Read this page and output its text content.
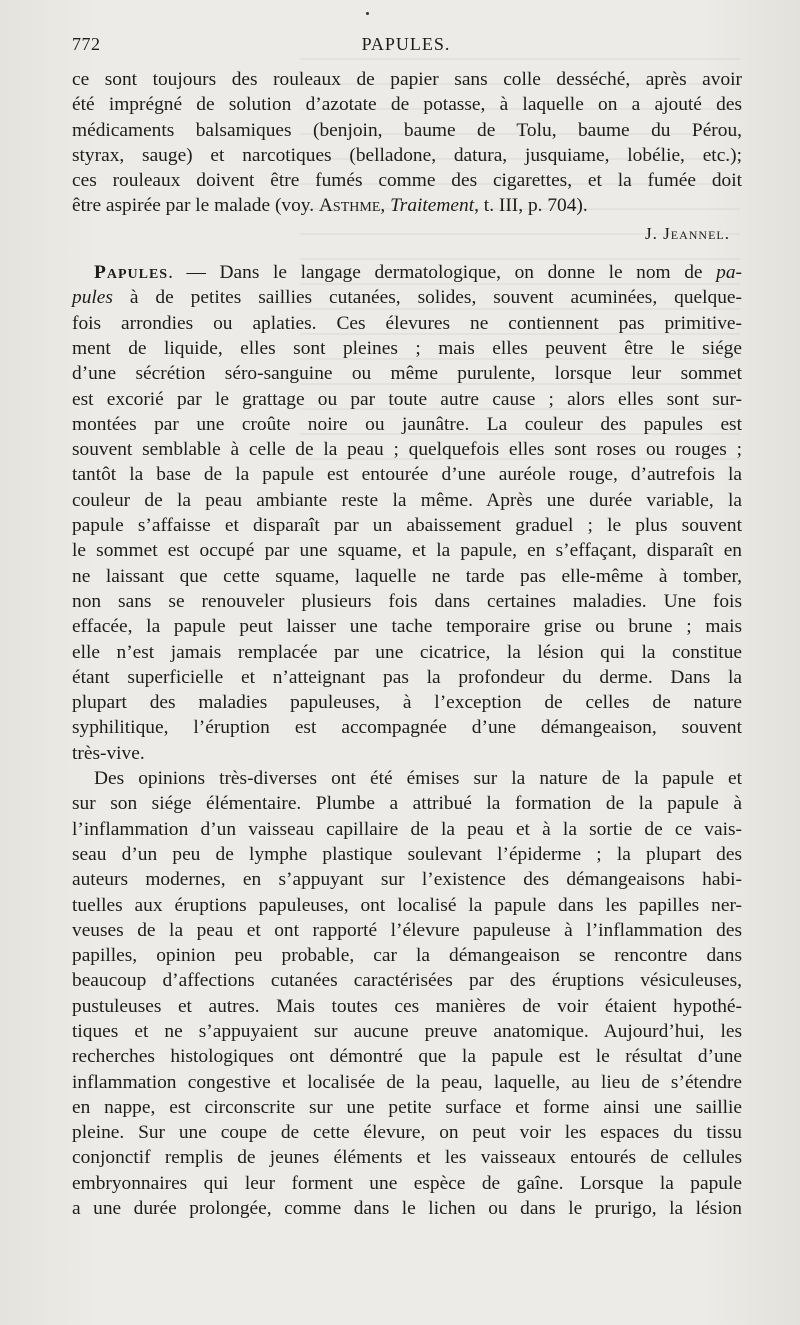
772	PAPULES.
ce sont toujours des rouleaux de papier sans colle desséché, après avoir
été imprégné de solution d’azotate de potasse, à laquelle on a ajouté des
médicaments balsamiques (benjoin, baume de Tolu, baume du Pérou,
styrax, sauge) et narcotiques (belladone, datura, jusquiame, lobélie, etc.);
ces rouleaux doivent être fumés comme des cigarettes, et la fumée doit
être aspirée par le malade (voy. Asthme, Traitement, t. III, p. 704).
J. Jeannel.
Papules. — Dans le langage dermatologique, on donne le nom de pa-
pules à de petites saillies cutanées, solides, souvent acuminées, quelque-
fois arrondies ou aplaties. Ces élevures ne contiennent pas primitive-
ment de liquide, elles sont pleines ; mais elles peuvent être le siége
d’une sécrétion séro-sanguine ou même purulente, lorsque leur sommet
est excorié par le grattage ou par toute autre cause ; alors elles sont sur-
montées par une croûte noire ou jaunâtre. La couleur des papules est
souvent semblable à celle de la peau ; quelquefois elles sont roses ou rouges ;
tantôt la base de la papule est entourée d’une auréole rouge, d’autrefois la
couleur de la peau ambiante reste la même. Après une durée variable, la
papule s’affaisse et disparaît par un abaissement graduel ; le plus souvent
le sommet est occupé par une squame, et la papule, en s’effaçant, disparaît en
ne laissant que cette squame, laquelle ne tarde pas elle-même à tomber,
non sans se renouveler plusieurs fois dans certaines maladies. Une fois
effacée, la papule peut laisser une tache temporaire grise ou brune ; mais
elle n’est jamais remplacée par une cicatrice, la lésion qui la constitue
étant superficielle et n’atteignant pas la profondeur du derme. Dans la
plupart des maladies papuleuses, à l’exception de celles de nature
syphilitique, l’éruption est accompagnée d’une démangeaison, souvent
très-vive.
Des opinions très-diverses ont été émises sur la nature de la papule et
sur son siége élémentaire. Plumbe a attribué la formation de la papule à
l’inflammation d’un vaisseau capillaire de la peau et à la sortie de ce vais-
seau d’un peu de lymphe plastique soulevant l’épiderme ; la plupart des
auteurs modernes, en s’appuyant sur l’existence des démangeaisons habi-
tuelles aux éruptions papuleuses, ont localisé la papule dans les papilles ner-
veuses de la peau et ont rapporté l’élevure papuleuse à l’inflammation des
papilles, opinion peu probable, car la démangeaison se rencontre dans
beaucoup d’affections cutanées caractérisées par des éruptions vésiculeuses,
pustuleuses et autres. Mais toutes ces manières de voir étaient hypothé-
tiques et ne s’appuyaient sur aucune preuve anatomique. Aujourd’hui, les
recherches histologiques ont démontré que la papule est le résultat d’une
inflammation congestive et localisée de la peau, laquelle, au lieu de s’étendre
en nappe, est circonscrite sur une petite surface et forme ainsi une saillie
pleine. Sur une coupe de cette élevure, on peut voir les espaces du tissu
conjonctif remplis de jeunes éléments et les vaisseaux entourés de cellules
embryonnaires qui leur forment une espèce de gaîne. Lorsque la papule
a une durée prolongée, comme dans le lichen ou dans le prurigo, la lésion
